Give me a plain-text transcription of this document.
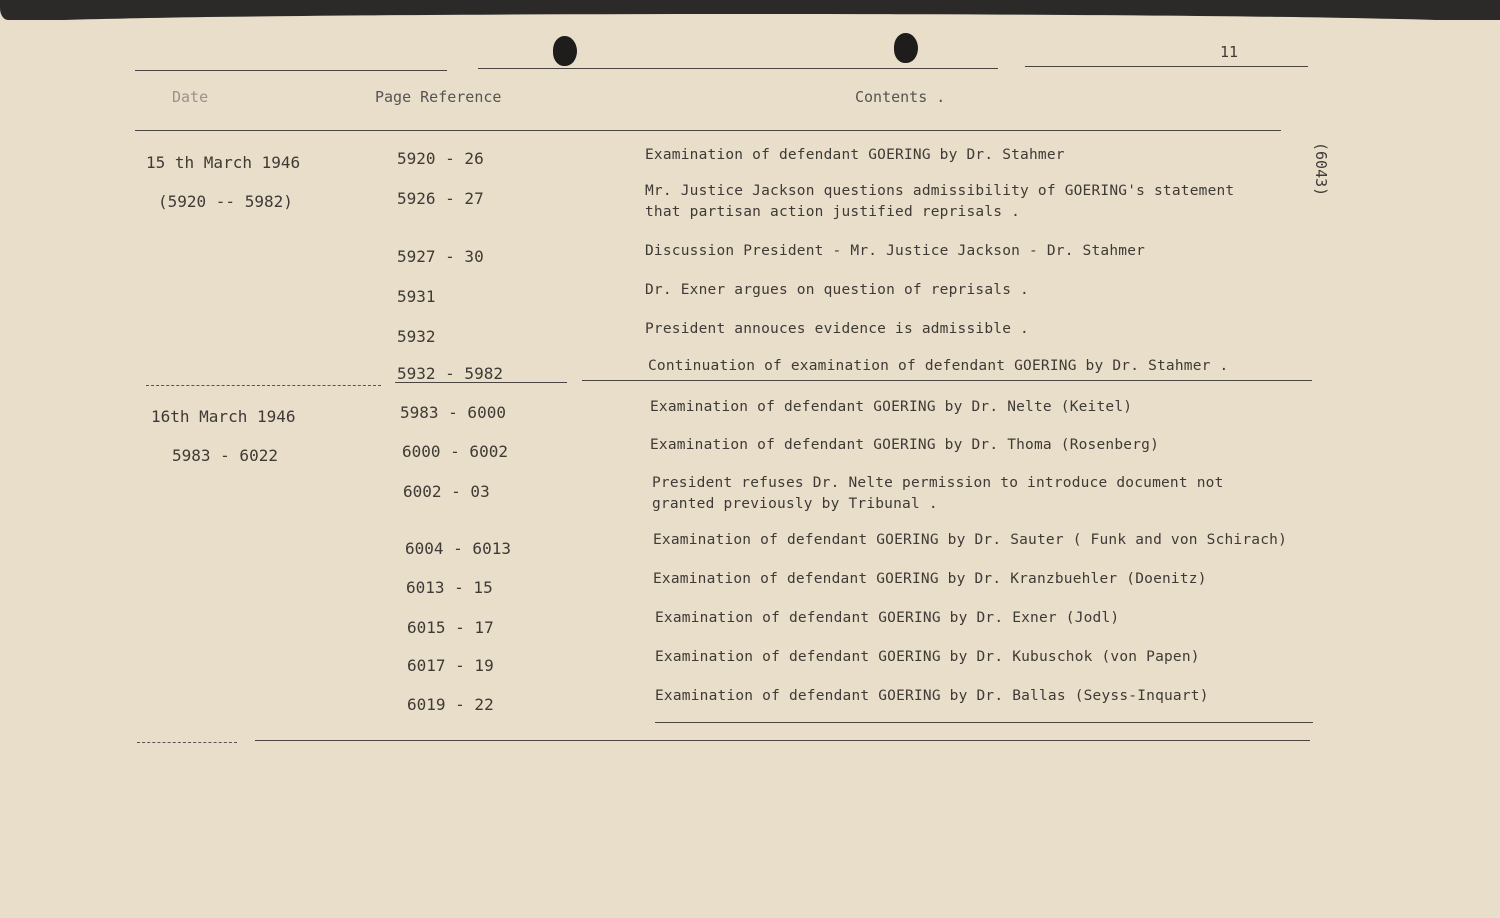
11
Date	Page Reference	Contents .
(6043)
15 th March 1946
(5920 -- 5982)
5920 - 26	Examination of defendant GOERING by Dr. Stahmer
5926 - 27	Mr. Justice Jackson questions admissibility of GOERING's statement
that partisan action justified reprisals .
5927 - 30	Discussion President - Mr. Justice Jackson - Dr. Stahmer
5931	Dr. Exner argues on question of reprisals .
5932	President annouces evidence is admissible .
5932 - 5982	Continuation of examination of defendant GOERING by Dr. Stahmer .
16th March 1946
5983 - 6022
5983 - 6000	Examination of defendant GOERING by Dr. Nelte (Keitel)
6000 - 6002	Examination of defendant GOERING by Dr. Thoma (Rosenberg)
6002 - 03	President refuses Dr. Nelte permission to introduce document not
granted previously by Tribunal .
6004 - 6013	Examination of defendant GOERING by Dr. Sauter ( Funk and von Schirach)
6013 - 15	Examination of defendant GOERING by Dr. Kranzbuehler (Doenitz)
6015 - 17	Examination of defendant GOERING by Dr. Exner (Jodl)
6017 - 19	Examination of defendant GOERING by Dr. Kubuschok (von Papen)
6019 - 22	Examination of defendant GOERING by Dr. Ballas (Seyss-Inquart)
